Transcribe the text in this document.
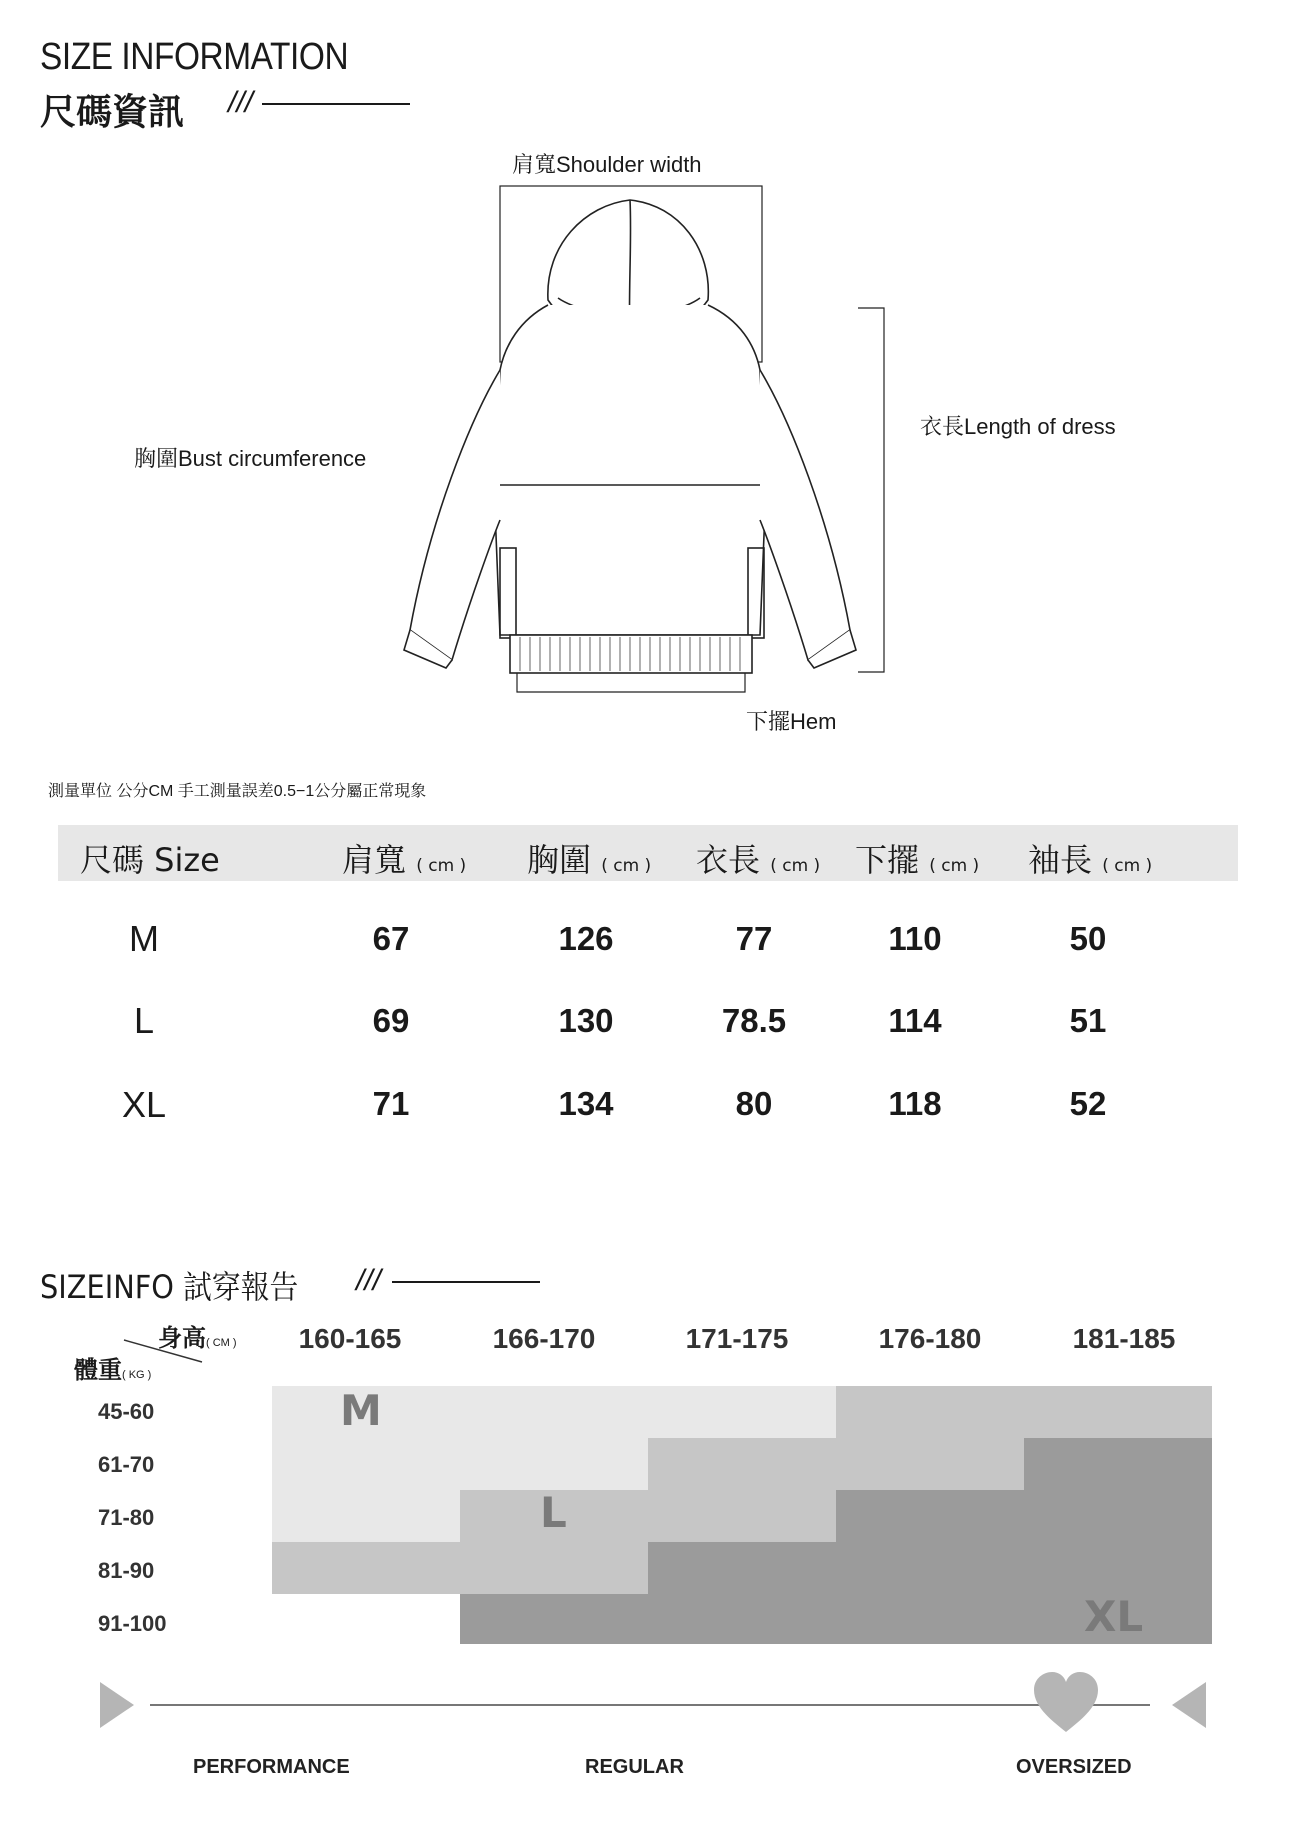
SIZE INFORMATION
尺碼資訊 ///
肩寬Shoulder width
衣長Length of dress
胸圍Bust circumference
下擺Hem
測量單位 公分CM 手工測量誤差0.5−1公分屬正常現象
尺碼 Size	肩寬 ( cm ) 胸圍 ( cm ) 衣長 ( cm ) 下擺 ( cm ) 袖長 ( cm )
M	67	126	77	110	50
L	69	130	78.5	114	51
XL	71	134	80	118	52
SIZEINFO 試穿報告 ///
身高( CM )
體重( KG )
160-165	166-170	171-175	176-180	181-185
45-60
61-70
71-80
81-90
91-100
M
L
XL
PERFORMANCE	REGULAR	OVERSIZED
